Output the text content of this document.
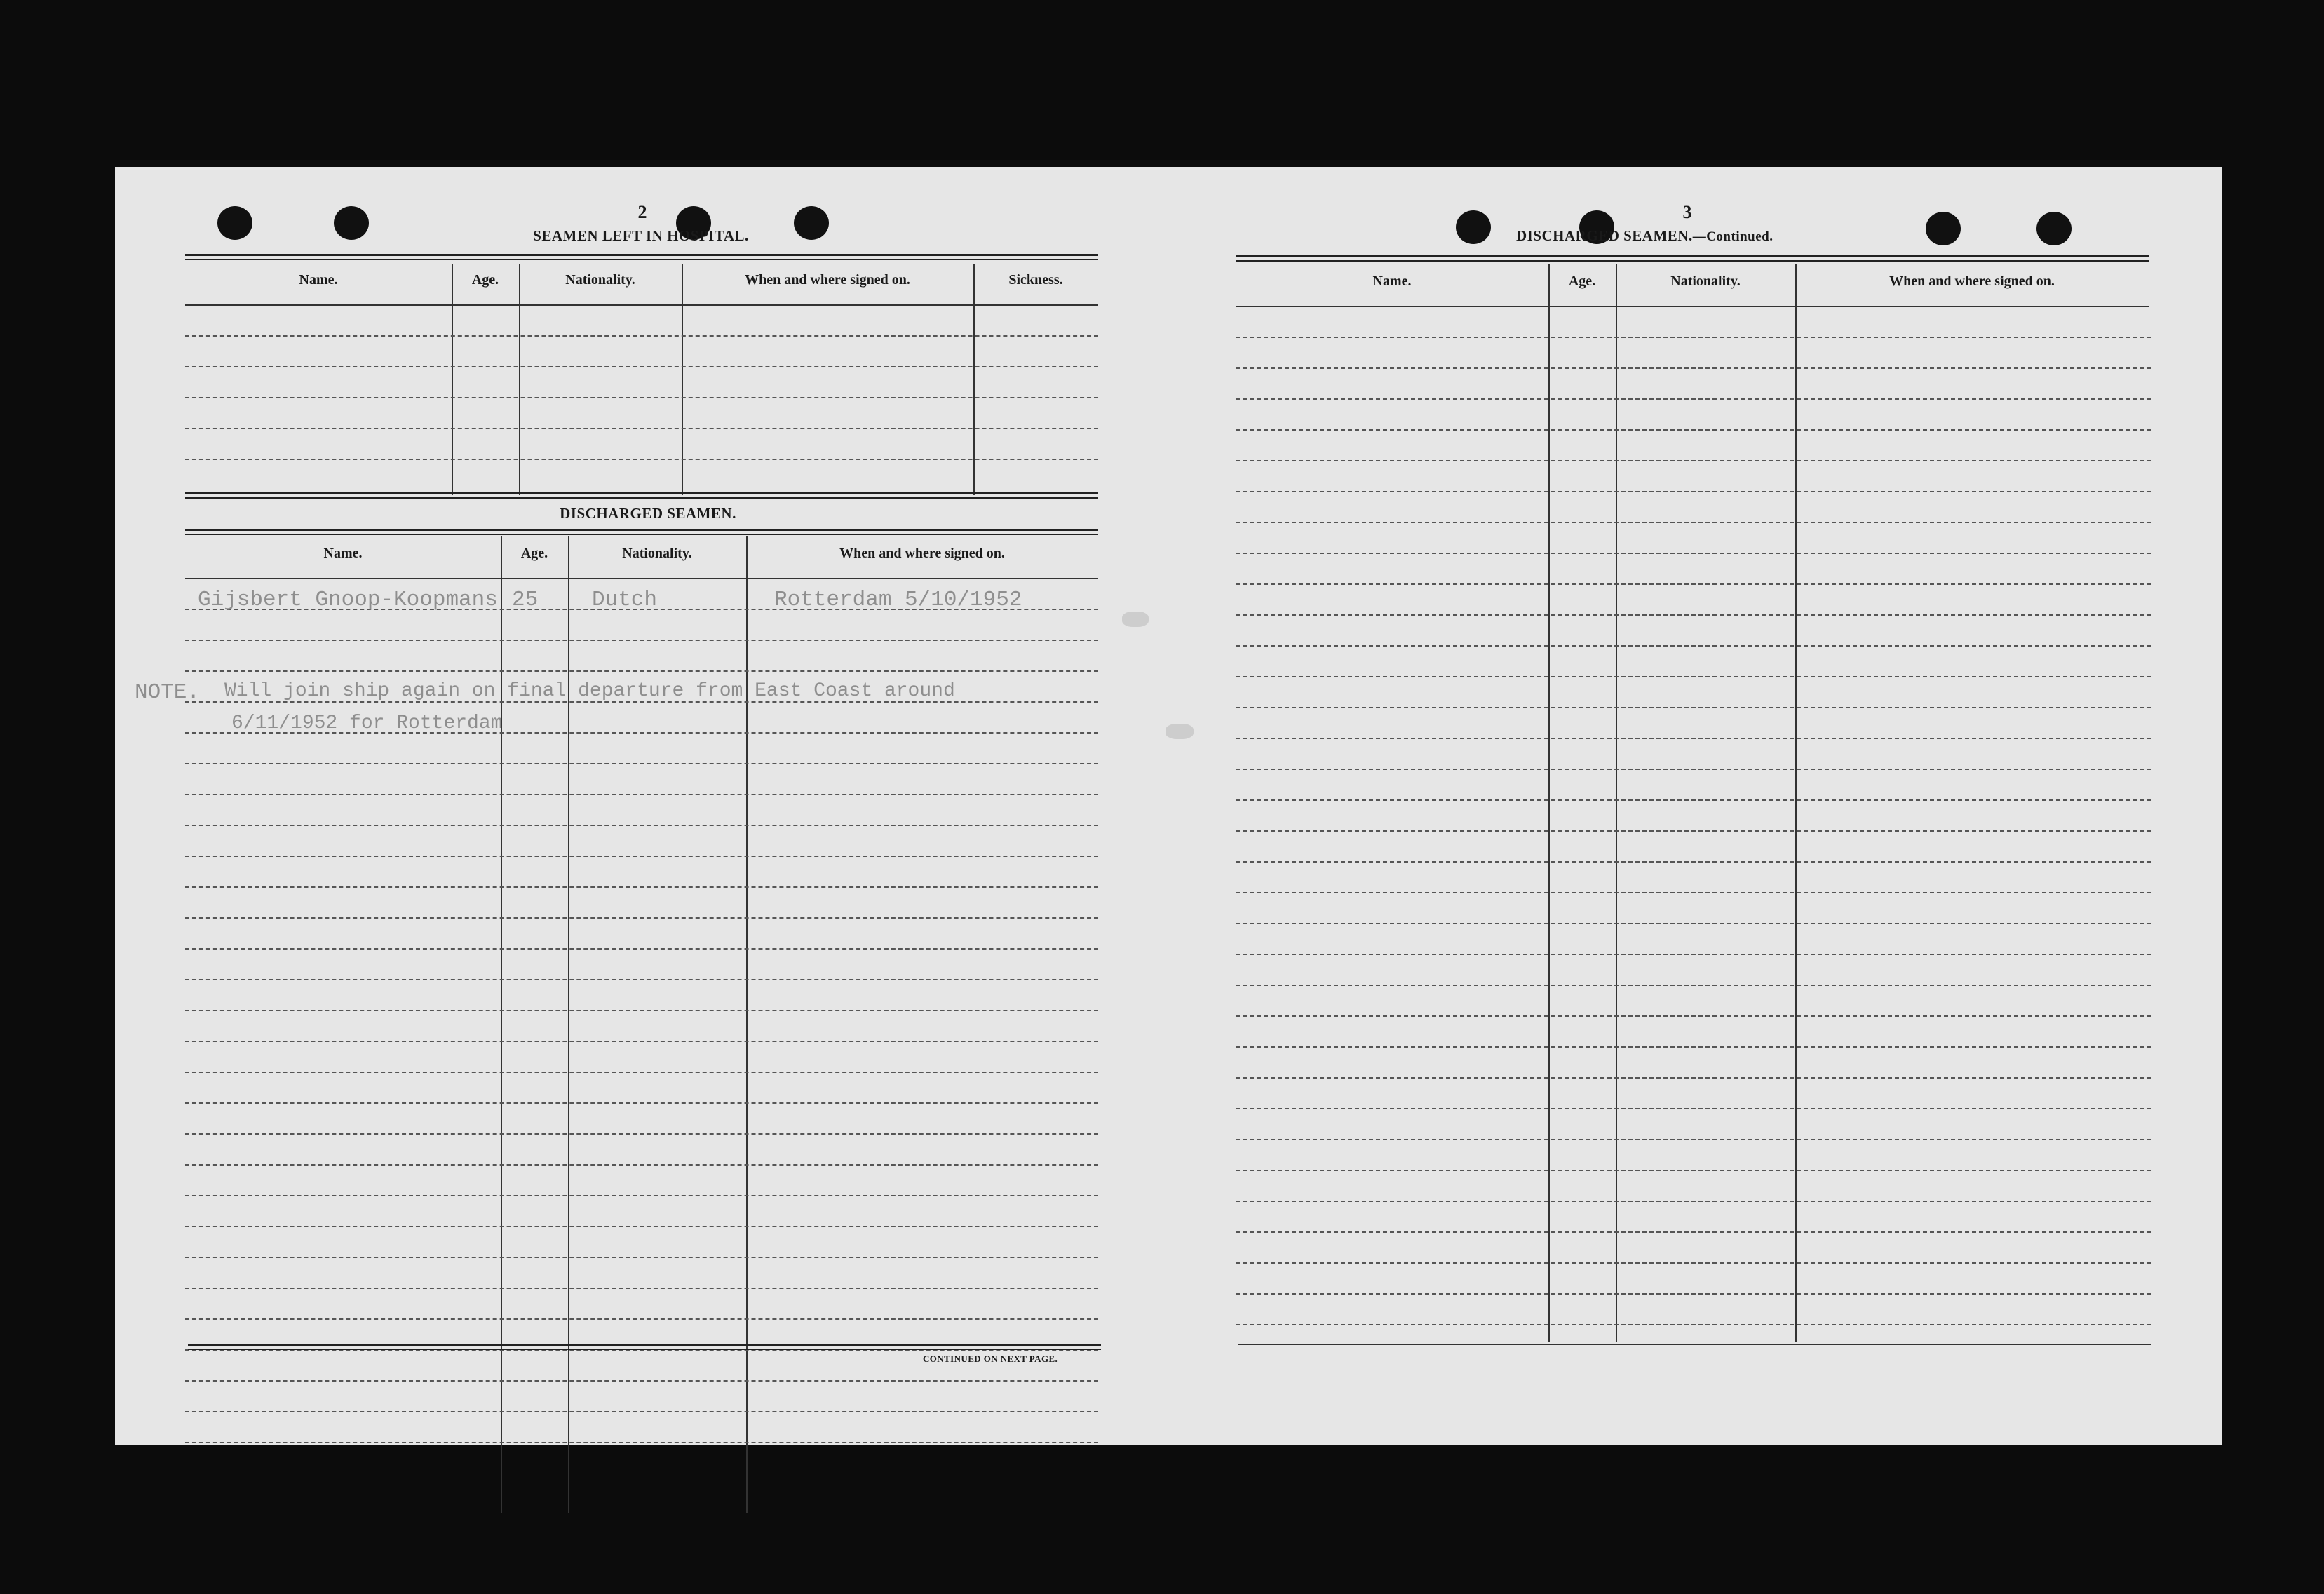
2
SEAMEN LEFT IN HOSPITAL.
Name.	Age.	Nationality.	When and where signed on.	Sickness.
DISCHARGED SEAMEN.
Name.	Age.	Nationality.	When and where signed on.
Gijsbert Gnoop-Koopmans 25 Dutch	Rotterdam 5/10/1952
NOTE. Will join ship again on final departure from East Coast around
6/11/1952 for Rotterdam
CONTINUED ON NEXT PAGE.
3
DISCHARGED SEAMEN.—Continued.
Name.	Age.	Nationality.	When and where signed on.
